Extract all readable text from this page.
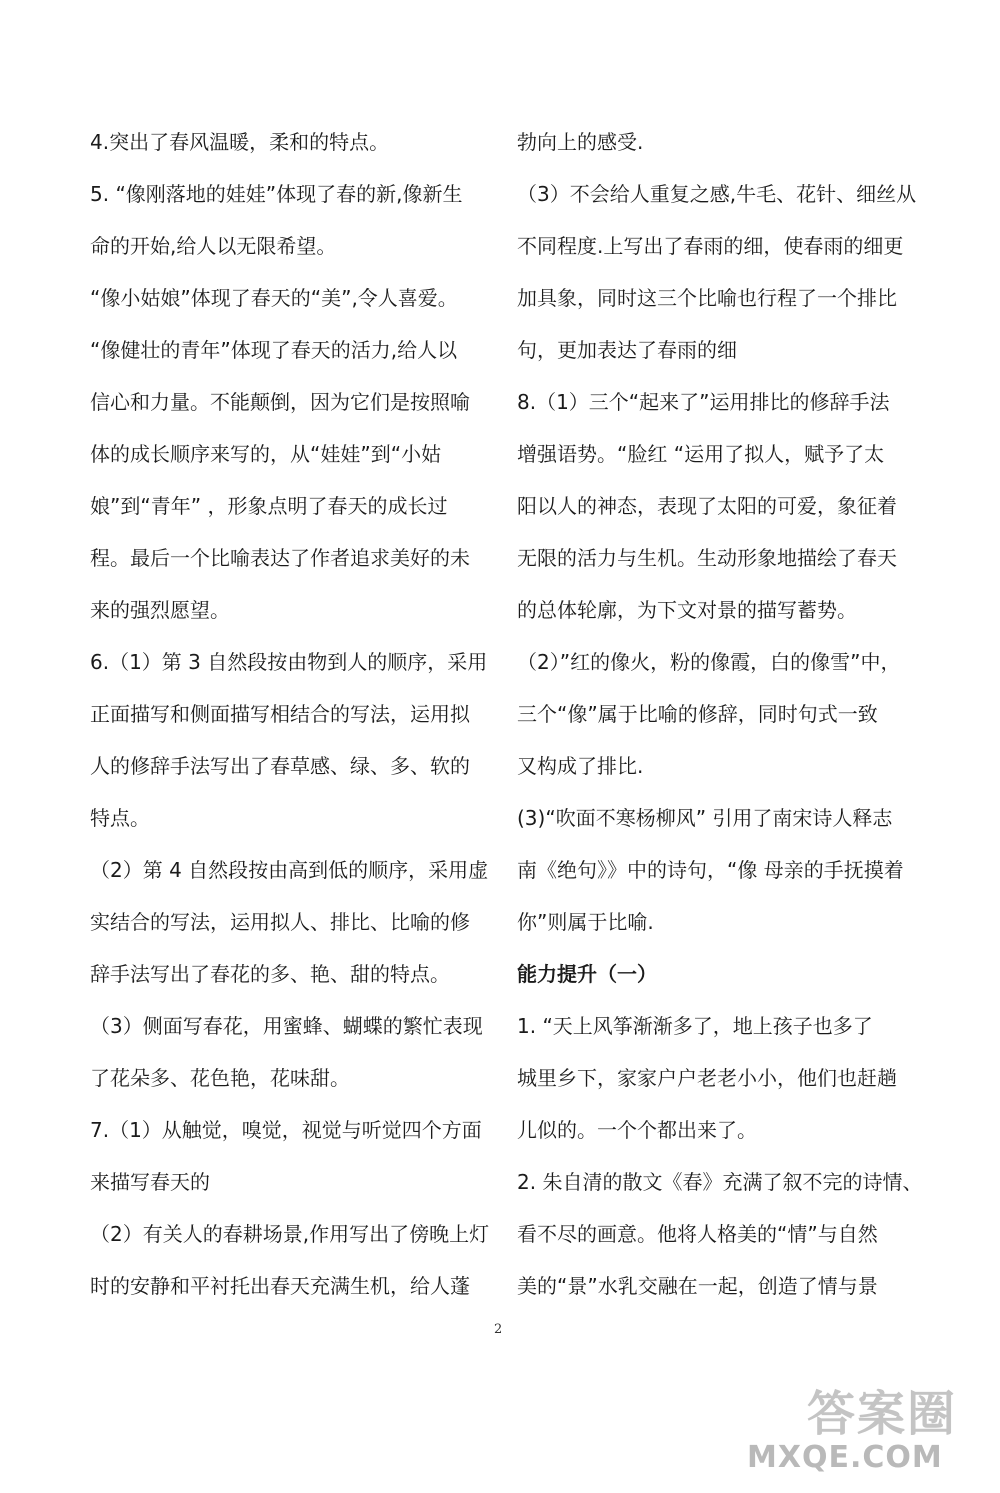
4.突出了春风温暖，柔和的特点。
5. “像刚落地的娃娃”体现了春的新,像新生
命的开始,给人以无限希望。
“像小姑娘”体现了春天的“美”,令人喜爱。
“像健壮的青年”体现了春天的活力,给人以
信心和力量。不能颠倒，因为它们是按照喻
体的成长顺序来写的，从“娃娃”到“小姑
娘”到“青年” ，形象点明了春天的成长过
程。最后一个比喻表达了作者追求美好的未
来的强烈愿望。
6.（1）第 3 自然段按由物到人的顺序，采用
正面描写和侧面描写相结合的写法，运用拟
人的修辞手法写出了春草感、绿、多、软的
特点。
（2）第 4 自然段按由高到低的顺序，采用虚
实结合的写法，运用拟人、排比、比喻的修
辞手法写出了春花的多、艳、甜的特点。
（3）侧面写春花，用蜜蜂、蝴蝶的繁忙表现
了花朵多、花色艳，花味甜。
7.（1）从触觉，嗅觉，视觉与听觉四个方面
来描写春天的
（2）有关人的春耕场景,作用写出了傍晚上灯
时的安静和平衬托出春天充满生机，给人蓬
勃向上的感受.
（3）不会给人重复之感,牛毛、花针、细丝从
不同程度.上写出了春雨的细，使春雨的细更
加具象，同时这三个比喻也行程了一个排比
句，更加表达了春雨的细
8.（1）三个“起来了”运用排比的修辞手法
增强语势。“脸红 “运用了拟人，赋予了太
阳以人的神态，表现了太阳的可爱，象征着
无限的活力与生机。生动形象地描绘了春天
的总体轮廓，为下文对景的描写蓄势。
（2）”红的像火，粉的像霞，白的像雪”中，
三个“像”属于比喻的修辞，同时句式一致
又构成了排比.
(3)“吹面不寒杨柳风” 引用了南宋诗人释志
南《绝句》》中的诗句，“像 母亲的手抚摸着
你”则属于比喻.
能力提升（一）
1. “天上风筝渐渐多了，地上孩子也多了
城里乡下，家家户户老老小小，他们也赶趟
儿似的。一个个都出来了。
2. 朱自清的散文《春》充满了叙不完的诗情、
看不尽的画意。他将人格美的“情”与自然
美的“景”水乳交融在一起，创造了情与景
2
答案圈
MXQE.COM
